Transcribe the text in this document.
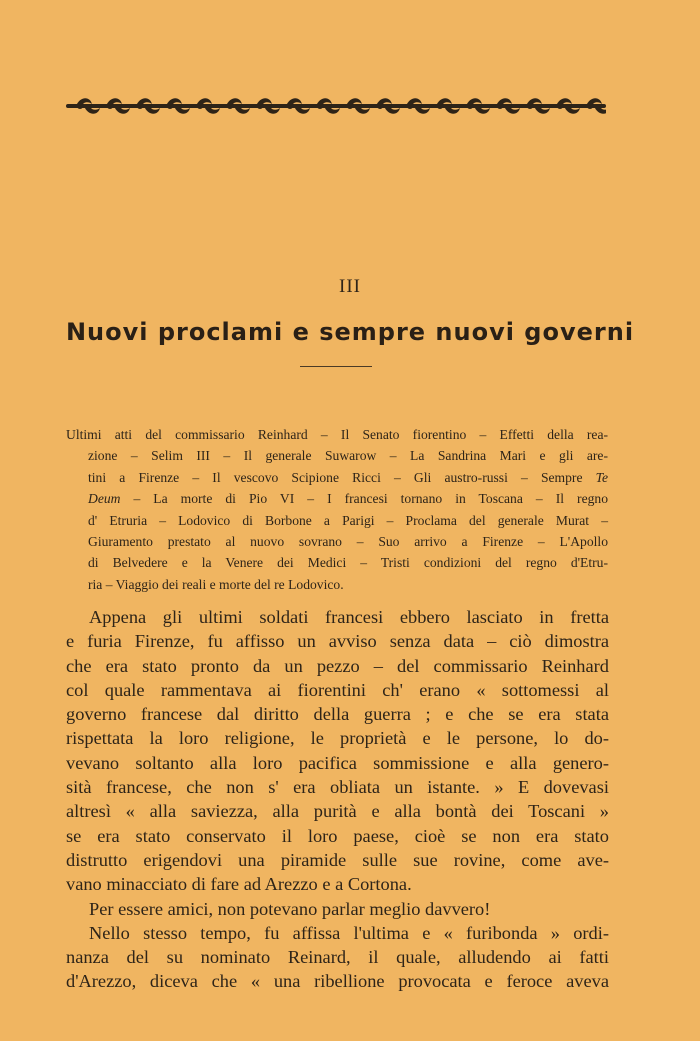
III
Nuovi proclami e sempre nuovi governi
Ultimi atti del commissario Reinhard – Il Senato fiorentino – Effetti della rea-
zione – Selim III – Il generale Suwarow – La Sandrina Mari e gli are-
tini a Firenze – Il vescovo Scipione Ricci – Gli austro-russi – Sempre Te
Deum – La morte di Pio VI – I francesi tornano in Toscana – Il regno
d' Etruria – Lodovico di Borbone a Parigi – Proclama del generale Murat –
Giuramento prestato al nuovo sovrano – Suo arrivo a Firenze – L'Apollo
di Belvedere e la Venere dei Medici – Tristi condizioni del regno d'Etru-
ria – Viaggio dei reali e morte del re Lodovico.
Appena gli ultimi soldati francesi ebbero lasciato in fretta
e furia Firenze, fu affisso un avviso senza data – ciò dimostra
che era stato pronto da un pezzo – del commissario Reinhard
col quale rammentava ai fiorentini ch' erano « sottomessi al
governo francese dal diritto della guerra ; e che se era stata
rispettata la loro religione, le proprietà e le persone, lo do-
vevano soltanto alla loro pacifica sommissione e alla genero-
sità francese, che non s' era obliata un istante. » E dovevasi
altresì « alla saviezza, alla purità e alla bontà dei Toscani »
se era stato conservato il loro paese, cioè se non era stato
distrutto erigendovi una piramide sulle sue rovine, come ave-
vano minacciato di fare ad Arezzo e a Cortona.
Per essere amici, non potevano parlar meglio davvero!
Nello stesso tempo, fu affissa l'ultima e « furibonda » ordi-
nanza del su nominato Reinard, il quale, alludendo ai fatti
d'Arezzo, diceva che « una ribellione provocata e feroce aveva
